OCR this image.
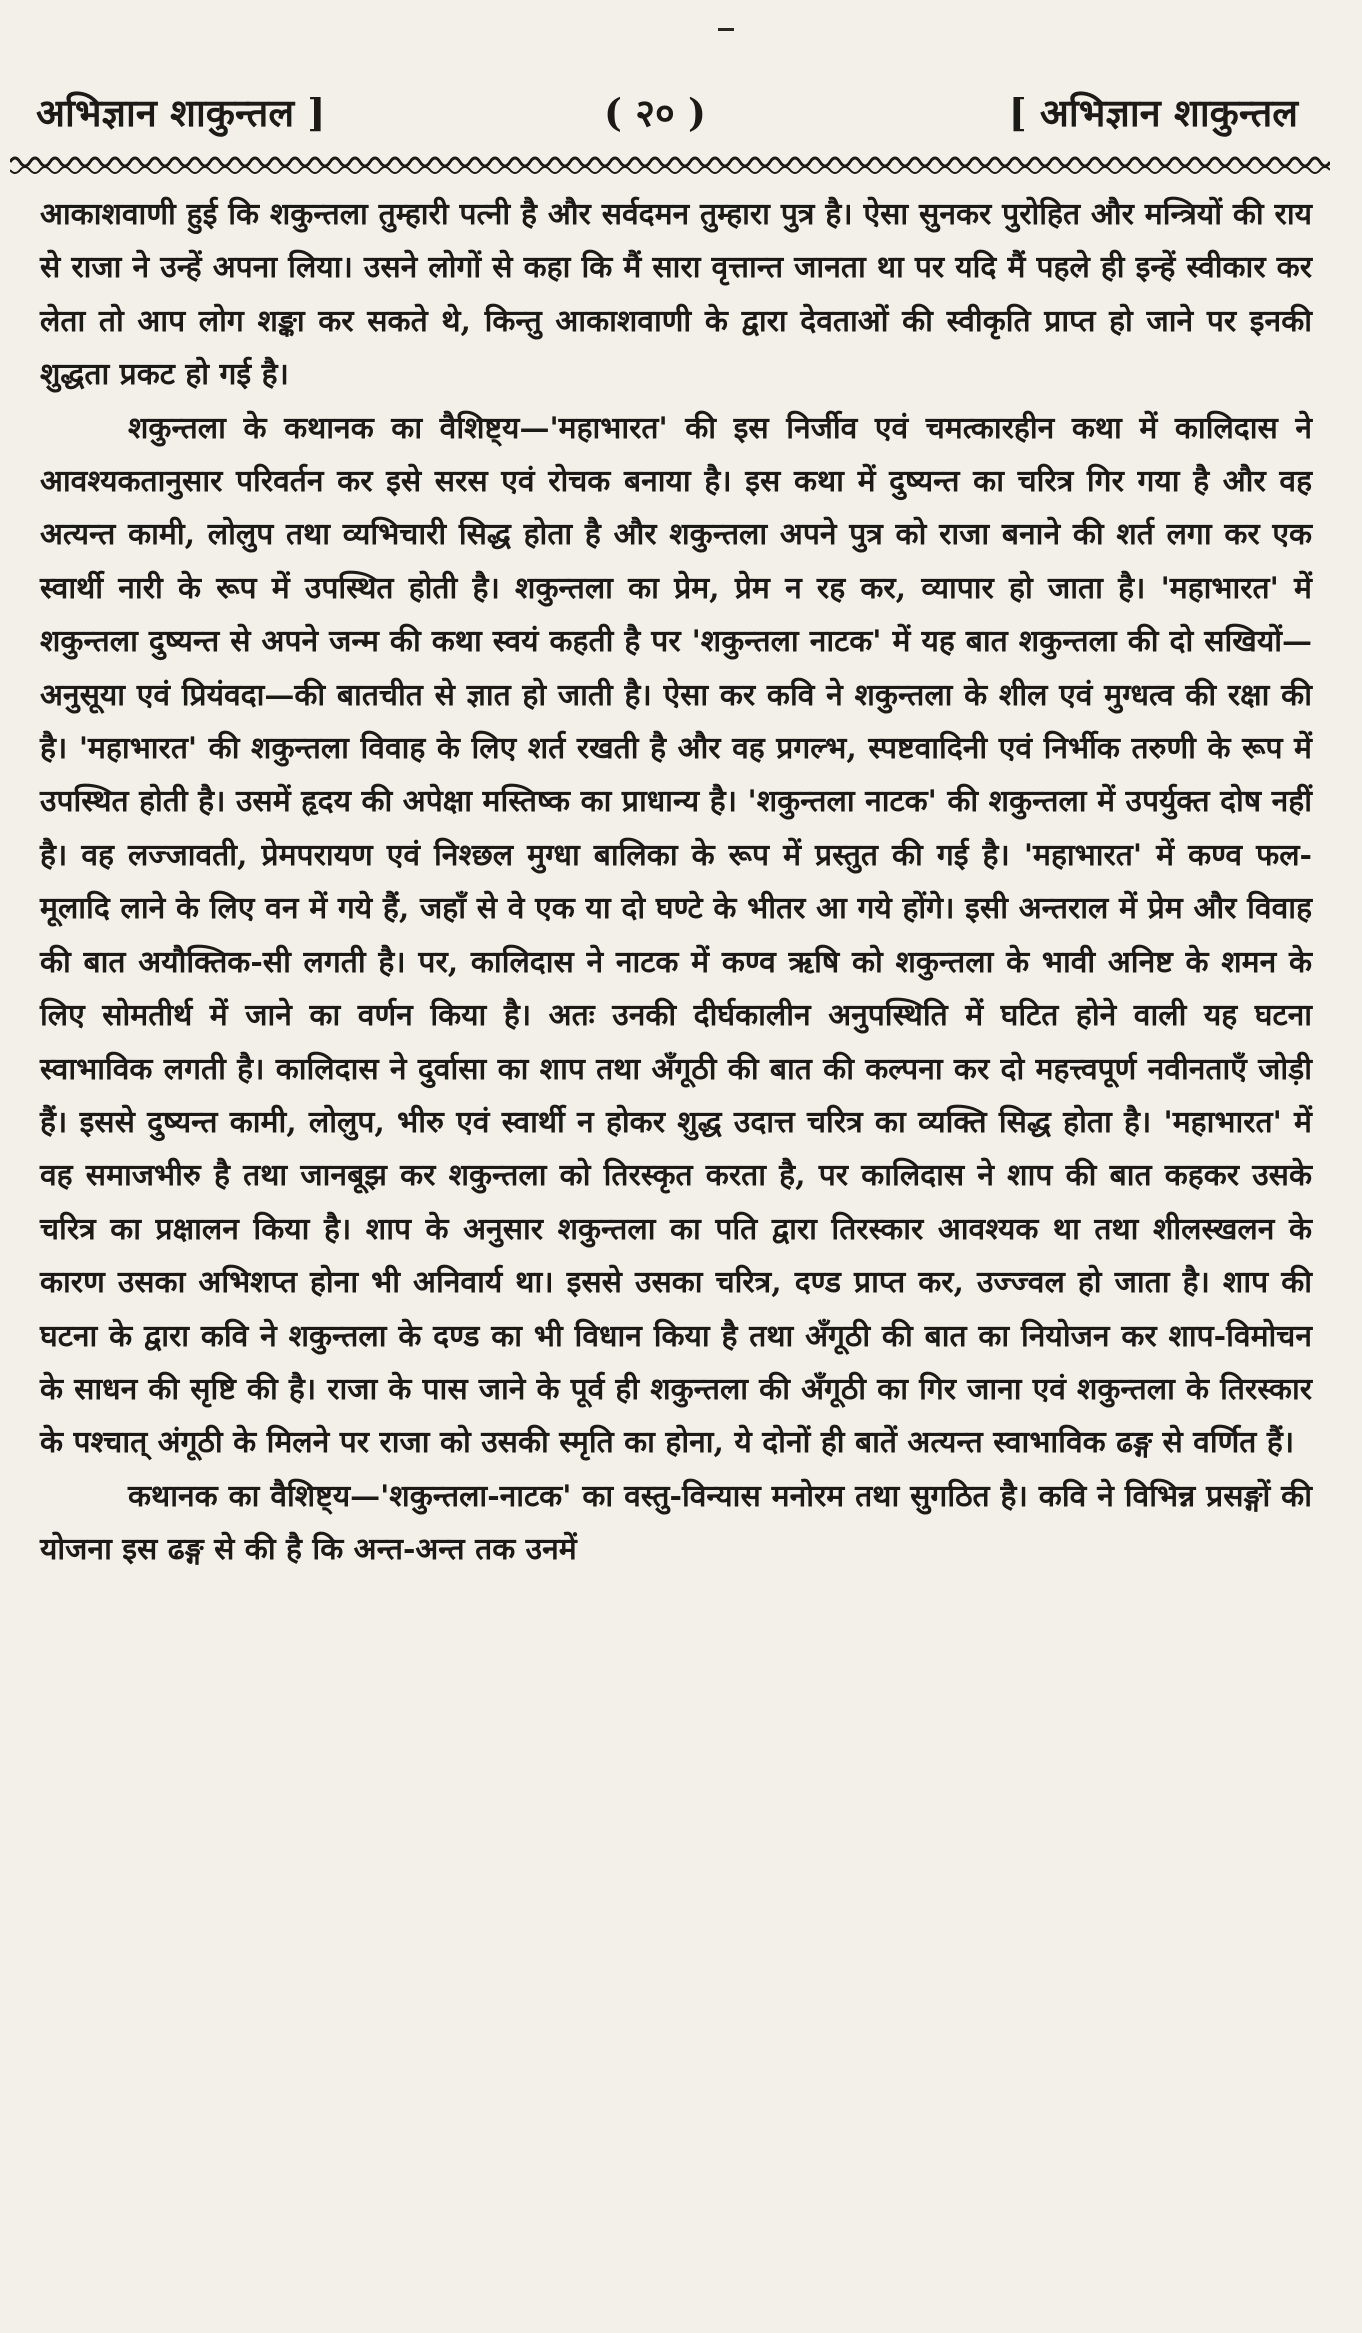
अभिज्ञान शाकुन्तल ]	( २० )	[ अभिज्ञान शाकुन्तल

आकाशवाणी हुई कि शकुन्तला तुम्हारी पत्नी है और सर्वदमन तुम्हारा पुत्र है। ऐसा सुनकर पुरोहित और मन्त्रियों की राय से राजा ने उन्हें अपना लिया। उसने लोगों से कहा कि मैं सारा वृत्तान्त जानता था पर यदि मैं पहले ही इन्हें स्वीकार कर लेता तो आप लोग शङ्का कर सकते थे, किन्तु आकाशवाणी के द्वारा देवताओं की स्वीकृति प्राप्त हो जाने पर इनकी शुद्धता प्रकट हो गई है।

शकुन्तला के कथानक का वैशिष्ट्य—'महाभारत' की इस निर्जीव एवं चमत्कारहीन कथा में कालिदास ने आवश्यकतानुसार परिवर्तन कर इसे सरस एवं रोचक बनाया है। इस कथा में दुष्यन्त का चरित्र गिर गया है और वह अत्यन्त कामी, लोलुप तथा व्यभिचारी सिद्ध होता है और शकुन्तला अपने पुत्र को राजा बनाने की शर्त लगा कर एक स्वार्थी नारी के रूप में उपस्थित होती है। शकुन्तला का प्रेम, प्रेम न रह कर, व्यापार हो जाता है। 'महाभारत' में शकुन्तला दुष्यन्त से अपने जन्म की कथा स्वयं कहती है पर 'शकुन्तला नाटक' में यह बात शकुन्तला की दो सखियों—अनुसूया एवं प्रियंवदा—की बातचीत से ज्ञात हो जाती है। ऐसा कर कवि ने शकुन्तला के शील एवं मुग्धत्व की रक्षा की है। 'महाभारत' की शकुन्तला विवाह के लिए शर्त रखती है और वह प्रगल्भ, स्पष्टवादिनी एवं निर्भीक तरुणी के रूप में उपस्थित होती है। उसमें हृदय की अपेक्षा मस्तिष्क का प्राधान्य है। 'शकुन्तला नाटक' की शकुन्तला में उपर्युक्त दोष नहीं है। वह लज्जावती, प्रेमपरायण एवं निश्छल मुग्धा बालिका के रूप में प्रस्तुत की गई है। 'महाभारत' में कण्व फल-मूलादि लाने के लिए वन में गये हैं, जहाँ से वे एक या दो घण्टे के भीतर आ गये होंगे। इसी अन्तराल में प्रेम और विवाह की बात अयौक्तिक-सी लगती है। पर, कालिदास ने नाटक में कण्व ऋषि को शकुन्तला के भावी अनिष्ट के शमन के लिए सोमतीर्थ में जाने का वर्णन किया है। अतः उनकी दीर्घकालीन अनुपस्थिति में घटित होने वाली यह घटना स्वाभाविक लगती है। कालिदास ने दुर्वासा का शाप तथा अँगूठी की बात की कल्पना कर दो महत्त्वपूर्ण नवीनताएँ जोड़ी हैं। इससे दुष्यन्त कामी, लोलुप, भीरु एवं स्वार्थी न होकर शुद्ध उदात्त चरित्र का व्यक्ति सिद्ध होता है। 'महाभारत' में वह समाजभीरु है तथा जानबूझ कर शकुन्तला को तिरस्कृत करता है, पर कालिदास ने शाप की बात कहकर उसके चरित्र का प्रक्षालन किया है। शाप के अनुसार शकुन्तला का पति द्वारा तिरस्कार आवश्यक था तथा शीलस्खलन के कारण उसका अभिशप्त होना भी अनिवार्य था। इससे उसका चरित्र, दण्ड प्राप्त कर, उज्ज्वल हो जाता है। शाप की घटना के द्वारा कवि ने शकुन्तला के दण्ड का भी विधान किया है तथा अँगूठी की बात का नियोजन कर शाप-विमोचन के साधन की सृष्टि की है। राजा के पास जाने के पूर्व ही शकुन्तला की अँगूठी का गिर जाना एवं शकुन्तला के तिरस्कार के पश्चात् अंगूठी के मिलने पर राजा को उसकी स्मृति का होना, ये दोनों ही बातें अत्यन्त स्वाभाविक ढङ्ग से वर्णित हैं।

कथानक का वैशिष्ट्य—'शकुन्तला-नाटक' का वस्तु-विन्यास मनोरम तथा सुगठित है। कवि ने विभिन्न प्रसङ्गों की योजना इस ढङ्ग से की है कि अन्त-अन्त तक उनमें
